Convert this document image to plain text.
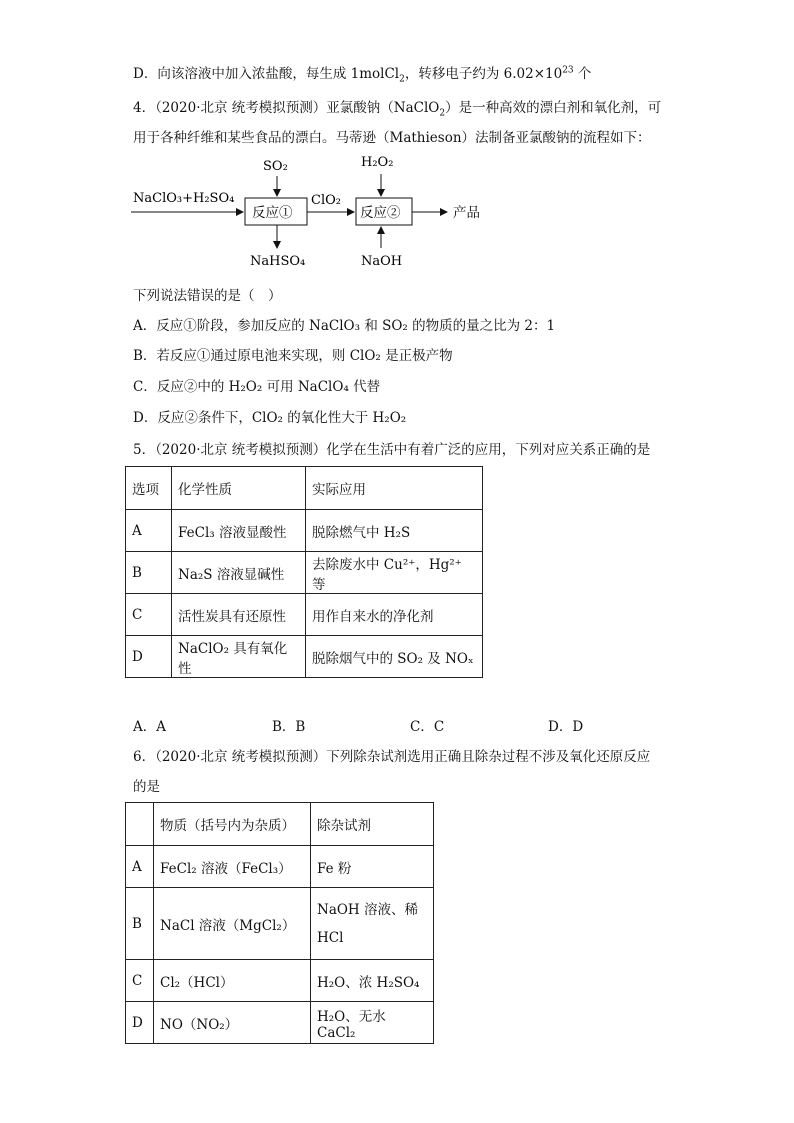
D．向该溶液中加入浓盐酸，每生成 1molCl$_2$，转移电子约为 $6.02\times 10^{23}$ 个
4．（2020·北京 统考模拟预测）亚氯酸钠（NaClO$_2$）是一种高效的漂白剂和氧化剂，可
用于各种纤维和某些食品的漂白。马蒂逊（Mathieson）法制备亚氯酸钠的流程如下：
NaClO₃+H₂SO₄
SO₂
反应①
NaHSO₄
ClO₂
H₂O₂
反应②
NaOH
产品
下列说法错误的是（　）
A．反应①阶段，参加反应的 NaClO₃ 和 SO₂ 的物质的量之比为 2：1
B．若反应①通过原电池来实现，则 ClO₂ 是正极产物
C．反应②中的 H₂O₂ 可用 NaClO₄ 代替
D．反应②条件下，ClO₂ 的氧化性大于 H₂O₂
5．（2020·北京 统考模拟预测）化学在生活中有着广泛的应用，下列对应关系正确的是
选项	化学性质	实际应用
A	FeCl₃ 溶液显酸性	脱除燃气中 H₂S
B	Na₂S 溶液显碱性	去除废水中 Cu²⁺，Hg²⁺ 等
C	活性炭具有还原性	用作自来水的净化剂
D	NaClO₂ 具有氧化性	脱除烟气中的 SO₂ 及 NOₓ
A．A	B．B	C．C	D．D
6．（2020·北京 统考模拟预测）下列除杂试剂选用正确且除杂过程不涉及氧化还原反应
的是
	物质（括号内为杂质）	除杂试剂
A	FeCl₂ 溶液（FeCl₃）	Fe 粉
B	NaCl 溶液（MgCl₂）	NaOH 溶液、稀 HCl
C	Cl₂（HCl）	H₂O、浓 H₂SO₄
D	NO（NO₂）	H₂O、无水 CaCl₂
